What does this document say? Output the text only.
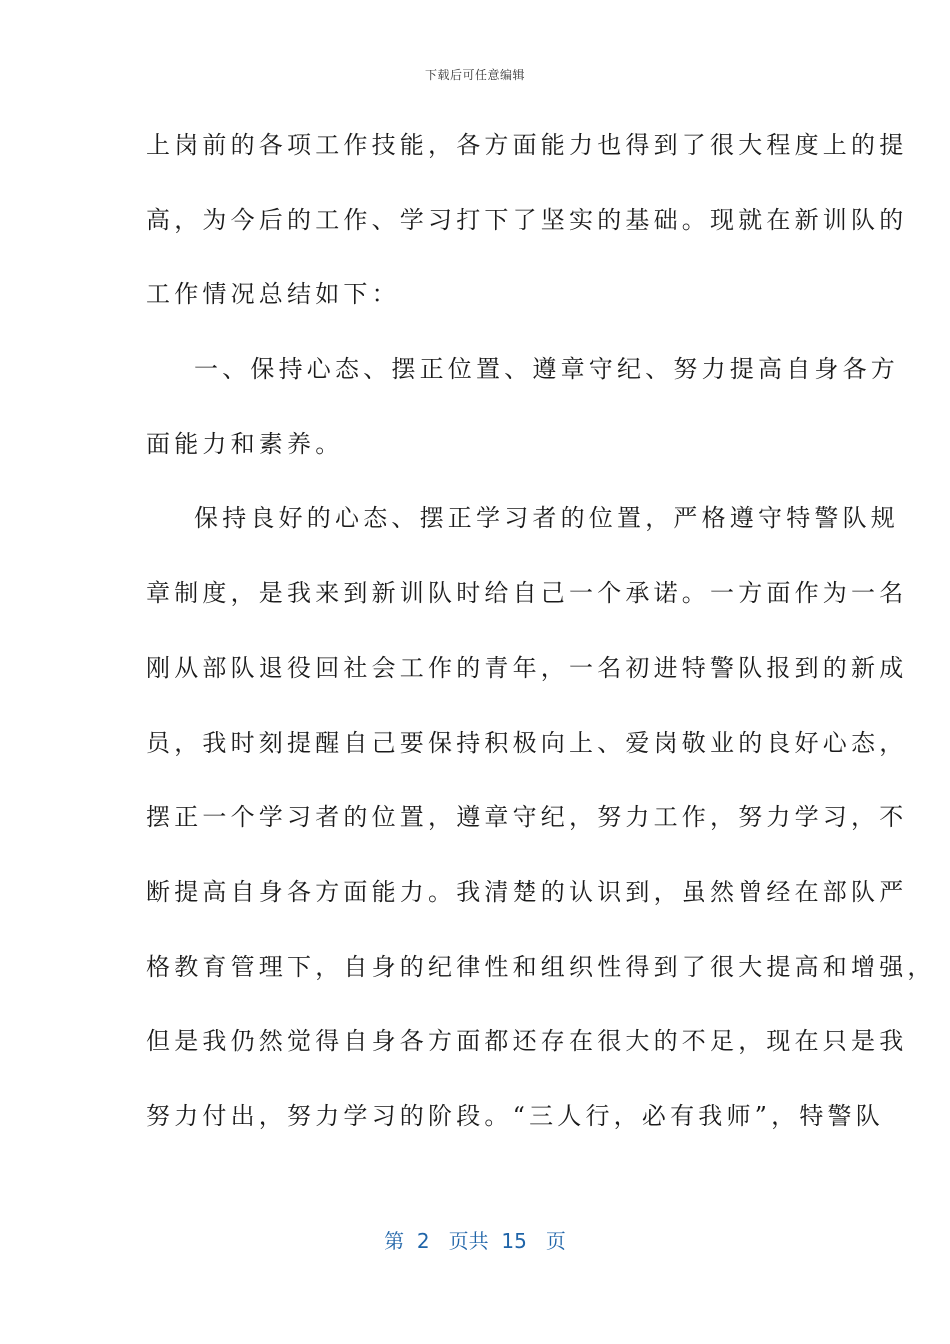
下载后可任意编辑
上岗前的各项工作技能，各方面能力也得到了很大程度上的提
高，为今后的工作、学习打下了坚实的基础。现就在新训队的
工作情况总结如下：
一、保持心态、摆正位置、遵章守纪、努力提高自身各方
面能力和素养。
保持良好的心态、摆正学习者的位置，严格遵守特警队规
章制度，是我来到新训队时给自己一个承诺。一方面作为一名
刚从部队退役回社会工作的青年，一名初进特警队报到的新成
员，我时刻提醒自己要保持积极向上、爱岗敬业的良好心态，
摆正一个学习者的位置，遵章守纪，努力工作，努力学习，不
断提高自身各方面能力。我清楚的认识到，虽然曾经在部队严
格教育管理下，自身的纪律性和组织性得到了很大提高和增强，
但是我仍然觉得自身各方面都还存在很大的不足，现在只是我
努力付出，努力学习的阶段。“三人行，必有我师”，特警队
第  2   页共  15   页
